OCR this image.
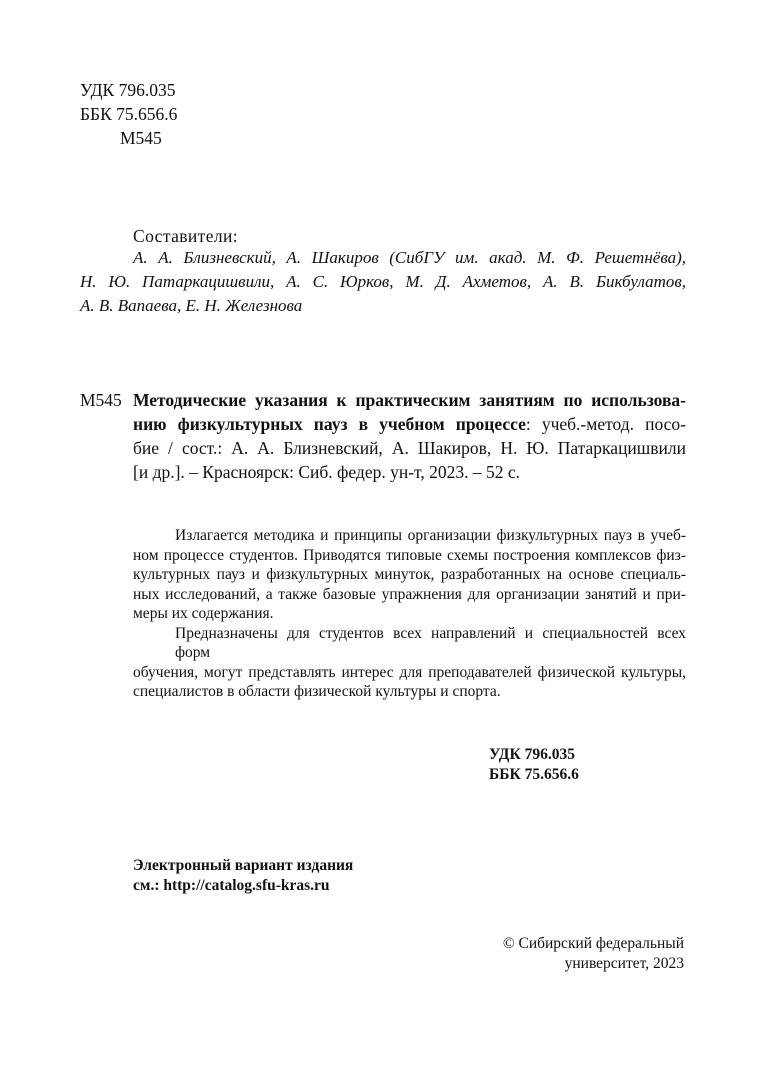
УДК 796.035
ББК 75.656.6
М545
Составители:
А. А. Близневский, А. Шакиров (СибГУ им. акад. М. Ф. Решетнёва),
Н. Ю. Патаркацишвили, А. С. Юрков, М. Д. Ахметов, А. В. Бикбулатов,
А. В. Вапаева, Е. Н. Железнова
М545 Методические указания к практическим занятиям по использова-
нию физкультурных пауз в учебном процессе: учеб.-метод. посо-
бие / сост.: А. А. Близневский, А. Шакиров, Н. Ю. Патаркацишвили
[и др.]. – Красноярск: Сиб. федер. ун-т, 2023. – 52 с.
Излагается методика и принципы организации физкультурных пауз в учеб-
ном процессе студентов. Приводятся типовые схемы построения комплексов физ-
культурных пауз и физкультурных минуток, разработанных на основе специаль-
ных исследований, а также базовые упражнения для организации занятий и при-
меры их содержания.
Предназначены для студентов всех направлений и специальностей всех форм
обучения, могут представлять интерес для преподавателей физической культуры,
специалистов в области физической культуры и спорта.
УДК 796.035
ББК 75.656.6
Электронный вариант издания
см.: http://catalog.sfu-kras.ru
© Сибирский федеральный
университет, 2023
